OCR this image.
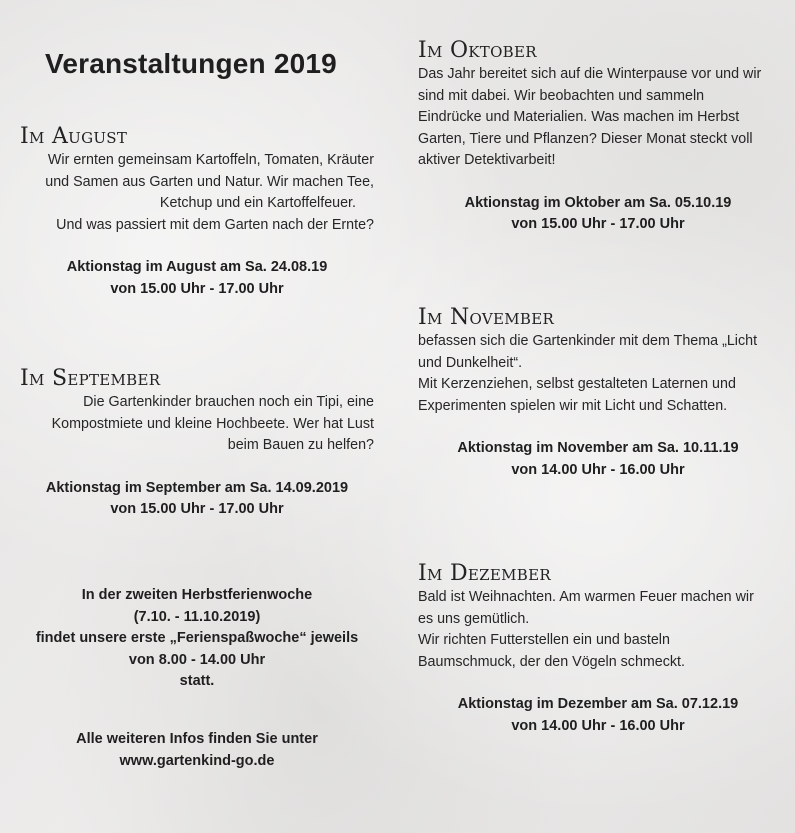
Veranstaltungen 2019
Im August
Wir ernten gemeinsam Kartoffeln, Tomaten, Kräuter
und Samen aus Garten und Natur. Wir machen Tee,
Ketchup und ein Kartoffelfeuer.
Und was passiert mit dem Garten nach der Ernte?
Aktionstag im August am Sa. 24.08.19
von 15.00 Uhr - 17.00 Uhr
Im September
Die Gartenkinder brauchen noch ein Tipi, eine
Kompostmiete und kleine Hochbeete. Wer hat Lust
beim Bauen zu helfen?
Aktionstag im September am Sa. 14.09.2019
von 15.00 Uhr - 17.00 Uhr
In der zweiten Herbstferienwoche
(7.10. - 11.10.2019)
findet unsere erste „Ferienspaßwoche“ jeweils
von 8.00 - 14.00 Uhr
statt.
Alle weiteren Infos finden Sie unter
www.gartenkind-go.de
Im Oktober
Das Jahr bereitet sich auf die Winterpause vor und wir
sind mit dabei. Wir beobachten und sammeln
Eindrücke und Materialien. Was machen im Herbst
Garten, Tiere und Pflanzen? Dieser Monat steckt voll
aktiver Detektivarbeit!
Aktionstag im Oktober am Sa. 05.10.19
von 15.00 Uhr - 17.00 Uhr
Im November
befassen sich die Gartenkinder mit dem Thema „Licht
und Dunkelheit“.
Mit Kerzenziehen, selbst gestalteten Laternen und
Experimenten spielen wir mit Licht und Schatten.
Aktionstag im November am Sa. 10.11.19
von 14.00 Uhr - 16.00 Uhr
Im Dezember
Bald ist Weihnachten. Am warmen Feuer machen wir
es uns gemütlich.
Wir richten Futterstellen ein und basteln
Baumschmuck, der den Vögeln schmeckt.
Aktionstag im Dezember am Sa. 07.12.19
von 14.00 Uhr - 16.00 Uhr
